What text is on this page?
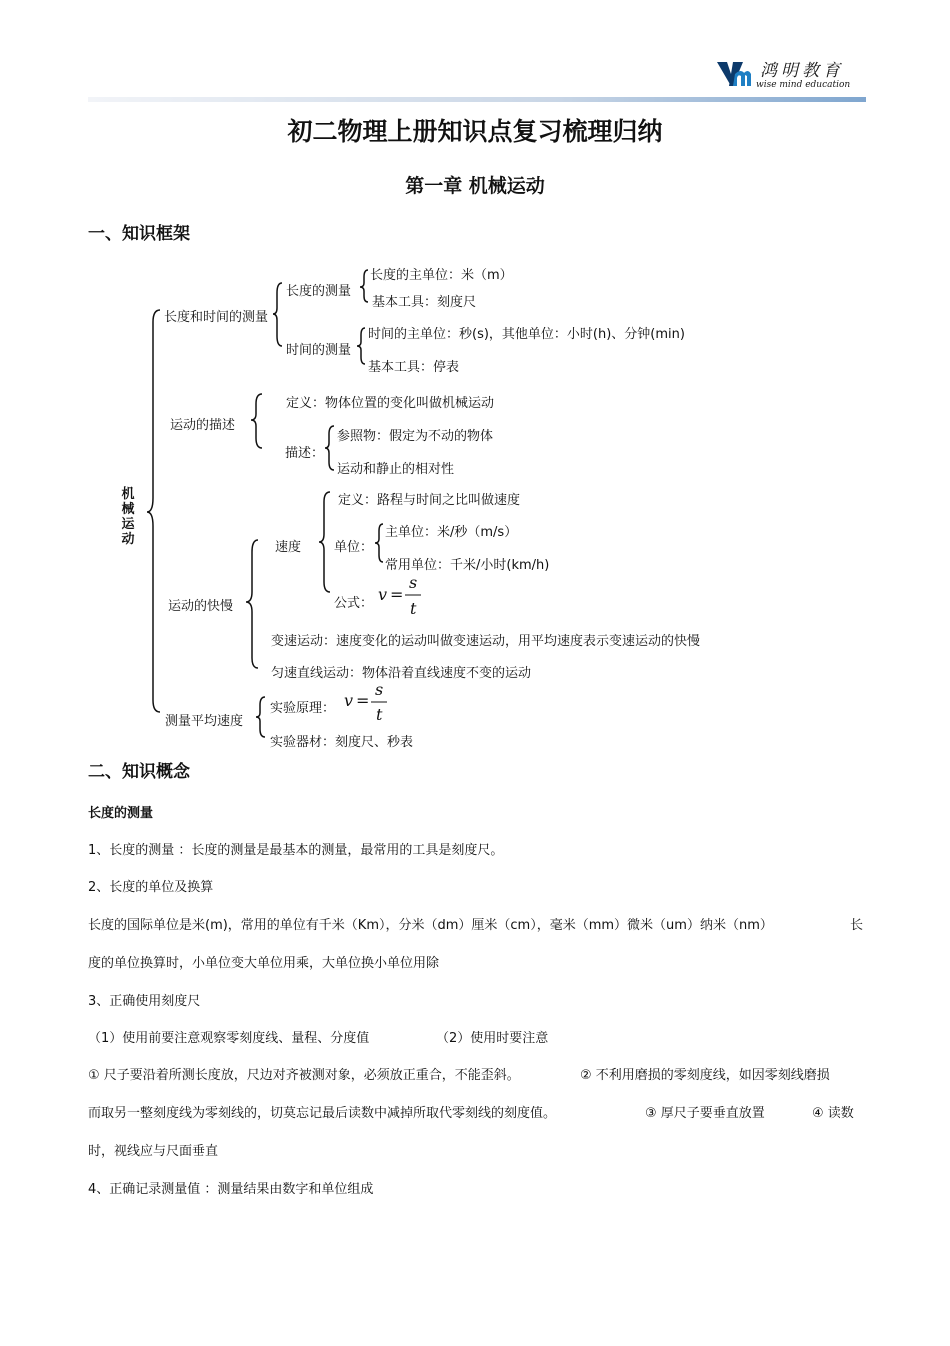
鸿明教育
wise mind education
初二物理上册知识点复习梳理归纳
第一章 机械运动
一、知识框架
机械运动
长度和时间的测量
长度的测量
长度的主单位：米（m）
基本工具：刻度尺
时间的测量
时间的主单位：秒(s)，其他单位：小时(h)、分钟(min)
基本工具：停表
运动的描述
定义：物体位置的变化叫做机械运动
描述：
参照物：假定为不动的物体
运动和静止的相对性
运动的快慢
速度
定义：路程与时间之比叫做速度
单位：
主单位：米/秒（m/s）
常用单位：千米/小时(km/h)
公式： v =
s
t
变速运动：速度变化的运动叫做变速运动，用平均速度表示变速运动的快慢
匀速直线运动：物体沿着直线速度不变的运动
测量平均速度
实验原理： v =
s
t
实验器材：刻度尺、秒表
二、知识概念
长度的测量
1、长度的测量 ：长度的测量是最基本的测量，最常用的工具是刻度尺。
2、长度的单位及换算
长度的国际单位是米(m)，常用的单位有千米（Km），分米（dm）厘米（cm），毫米（mm）微米（um）纳米（nm）	长
度的单位换算时，小单位变大单位用乘，大单位换小单位用除
3、正确使用刻度尺
（1）使用前要注意观察零刻度线、量程、分度值	（2）使用时要注意
① 尺子要沿着所测长度放，尺边对齐被测对象，必须放正重合，不能歪斜。	② 不利用磨损的零刻度线，如因零刻线磨损
而取另一整刻度线为零刻线的，切莫忘记最后读数中减掉所取代零刻线的刻度值。	③ 厚尺子要垂直放置	④ 读数
时，视线应与尺面垂直
4、正确记录测量值 ：测量结果由数字和单位组成
